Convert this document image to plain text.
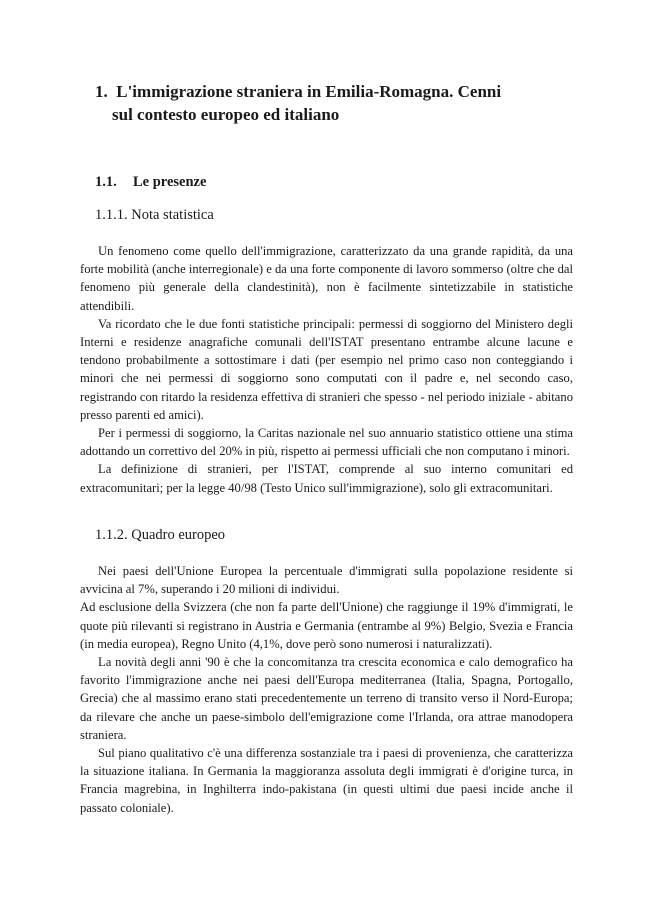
1. L'immigrazione straniera in Emilia-Romagna. Cenni
sul contesto europeo ed italiano
1.1. Le presenze
1.1.1. Nota statistica

Un fenomeno come quello dell'immigrazione, caratterizzato da una grande rapidità, da una forte mobilità (anche interregionale) e da una forte componente di lavoro sommerso (oltre che dal fenomeno più generale della clandestinità), non è facilmente sintetizzabile in statistiche attendibili.

Va ricordato che le due fonti statistiche principali: permessi di soggiorno del Ministero degli Interni e residenze anagrafiche comunali dell'ISTAT presentano entrambe alcune lacune e tendono probabilmente a sottostimare i dati (per esempio nel primo caso non conteggiando i minori che nei permessi di soggiorno sono computati con il padre e, nel secondo caso, registrando con ritardo la residenza effettiva di stranieri che spesso - nel periodo iniziale - abitano presso parenti ed amici).

Per i permessi di soggiorno, la Caritas nazionale nel suo annuario statistico ottiene una stima adottando un correttivo del 20% in più, rispetto ai permessi ufficiali che non computano i minori.

La definizione di stranieri, per l'ISTAT, comprende al suo interno comunitari ed extracomunitari; per la legge 40/98 (Testo Unico sull'immigrazione), solo gli extracomunitari.

1.1.2. Quadro europeo

Nei paesi dell'Unione Europea la percentuale d'immigrati sulla popolazione residente si avvicina al 7%, superando i 20 milioni di individui.

Ad esclusione della Svizzera (che non fa parte dell'Unione) che raggiunge il 19% d'immigrati, le quote più rilevanti si registrano in Austria e Germania (entrambe al 9%) Belgio, Svezia e Francia (in media europea), Regno Unito (4,1%, dove però sono numerosi i naturalizzati).

La novità degli anni '90 è che la concomitanza tra crescita economica e calo demografico ha favorito l'immigrazione anche nei paesi dell'Europa mediterranea (Italia, Spagna, Portogallo, Grecia) che al massimo erano stati precedentemente un terreno di transito verso il Nord-Europa; da rilevare che anche un paese-simbolo dell'emigrazione come l'Irlanda, ora attrae manodopera straniera.

Sul piano qualitativo c'è una differenza sostanziale tra i paesi di provenienza, che caratterizza la situazione italiana. In Germania la maggioranza assoluta degli immigrati è d'origine turca, in Francia magrebina, in Inghilterra indo-pakistana (in questi ultimi due paesi incide anche il passato coloniale).
